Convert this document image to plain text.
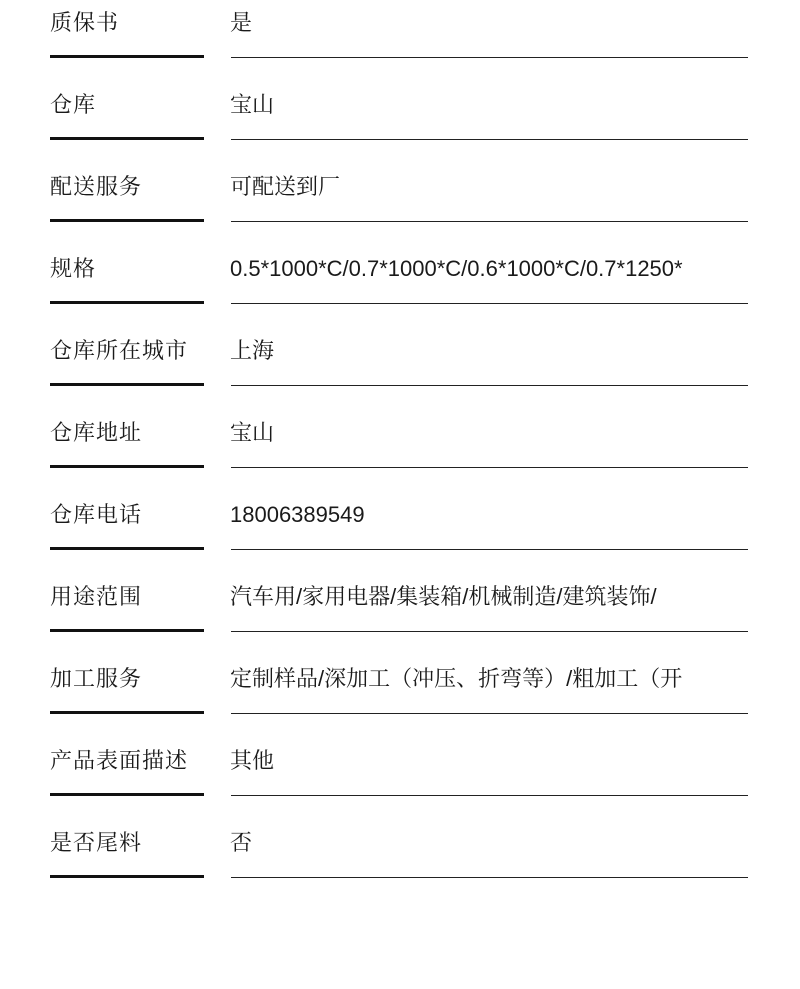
质保书	是
仓库	宝山
配送服务	可配送到厂
规格	0.5*1000*C/0.7*1000*C/0.6*1000*C/0.7*1250*
仓库所在城市 上海
仓库地址	宝山
仓库电话	18006389549
用途范围	汽车用/家用电器/集装箱/机械制造/建筑装饰/
加工服务	定制样品/深加工（冲压、折弯等）/粗加工（开
产品表面描述 其他
是否尾料	否
